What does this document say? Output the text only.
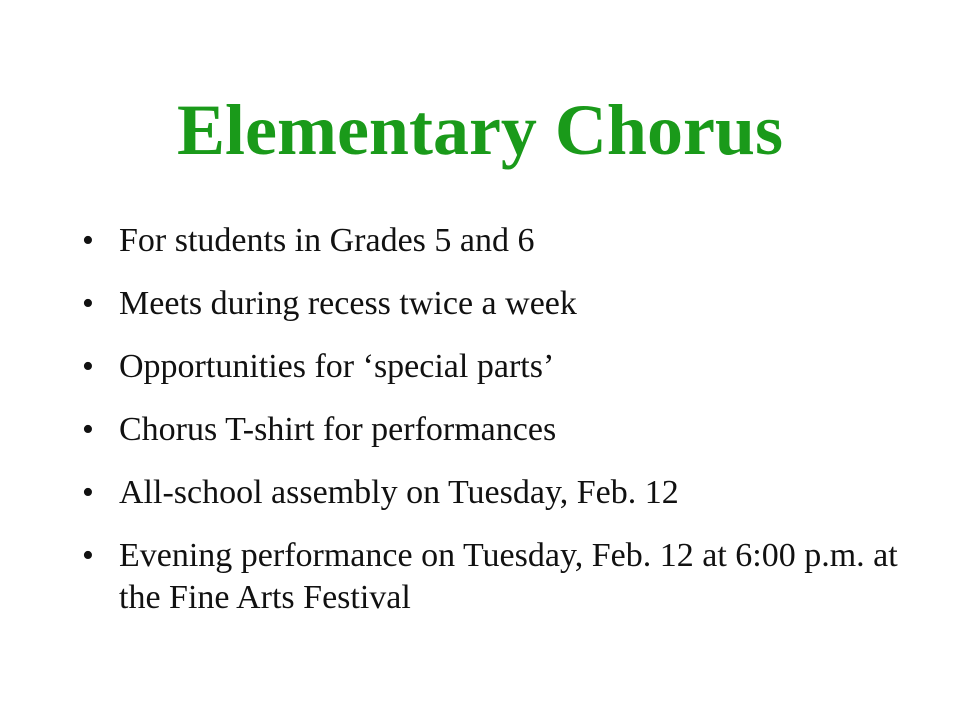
Elementary Chorus
• For students in Grades 5 and 6
• Meets during recess twice a week
• Opportunities for ‘special parts’
• Chorus T-shirt for performances
• All-school assembly on Tuesday, Feb. 12
• Evening performance on Tuesday, Feb. 12 at 6:00 p.m. at the Fine Arts Festival
